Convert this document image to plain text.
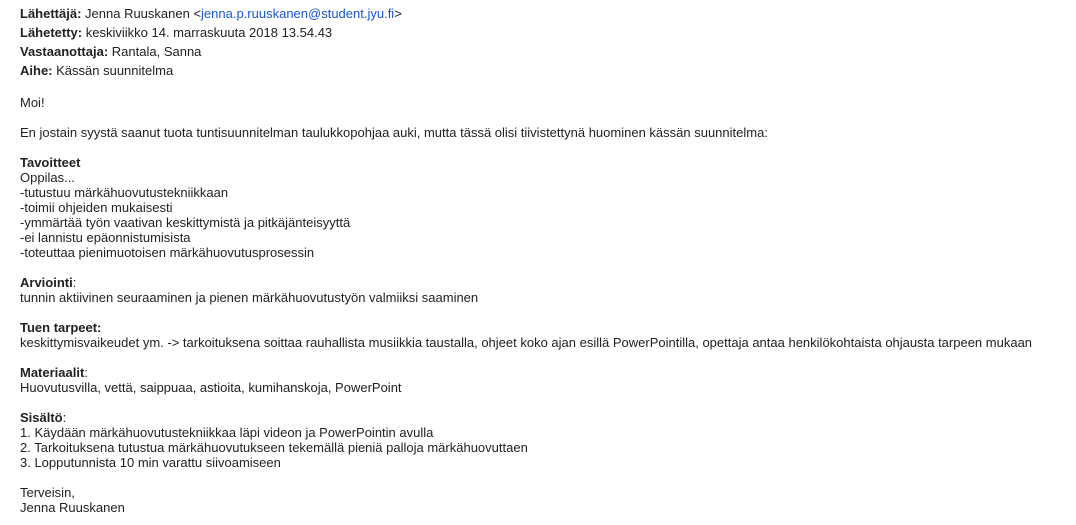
Lähettäjä: Jenna Ruuskanen <jenna.p.ruuskanen@student.jyu.fi>
Lähetetty: keskiviikko 14. marraskuuta 2018 13.54.43
Vastaanottaja: Rantala, Sanna
Aihe: Kässän suunnitelma
Moi!
En jostain syystä saanut tuota tuntisuunnitelman taulukkopohjaa auki, mutta tässä olisi tiivistettynä huominen kässän suunnitelma:
Tavoitteet
Oppilas...
-tutustuu märkähuovutustekniikkaan
-toimii ohjeiden mukaisesti
-ymmärtää työn vaativan keskittymistä ja pitkäjänteisyyttä
-ei lannistu epäonnistumisista
-toteuttaa pienimuotoisen märkähuovutusprosessin
Arviointi:
tunnin aktiivinen seuraaminen ja pienen märkähuovutustyön valmiiksi saaminen
Tuen tarpeet:
keskittymisvaikeudet ym. -> tarkoituksena soittaa rauhallista musiikkia taustalla, ohjeet koko ajan esillä PowerPointilla, opettaja antaa henkilökohtaista ohjausta tarpeen mukaan
Materiaalit:
Huovutusvilla, vettä, saippuaa, astioita, kumihanskoja, PowerPoint
Sisältö:
1. Käydään märkähuovutustekniikkaa läpi videon ja PowerPointin avulla
2. Tarkoituksena tutustua märkähuovutukseen tekemällä pieniä palloja märkähuovuttaen
3. Lopputunnista 10 min varattu siivoamiseen
Terveisin,
Jenna Ruuskanen
